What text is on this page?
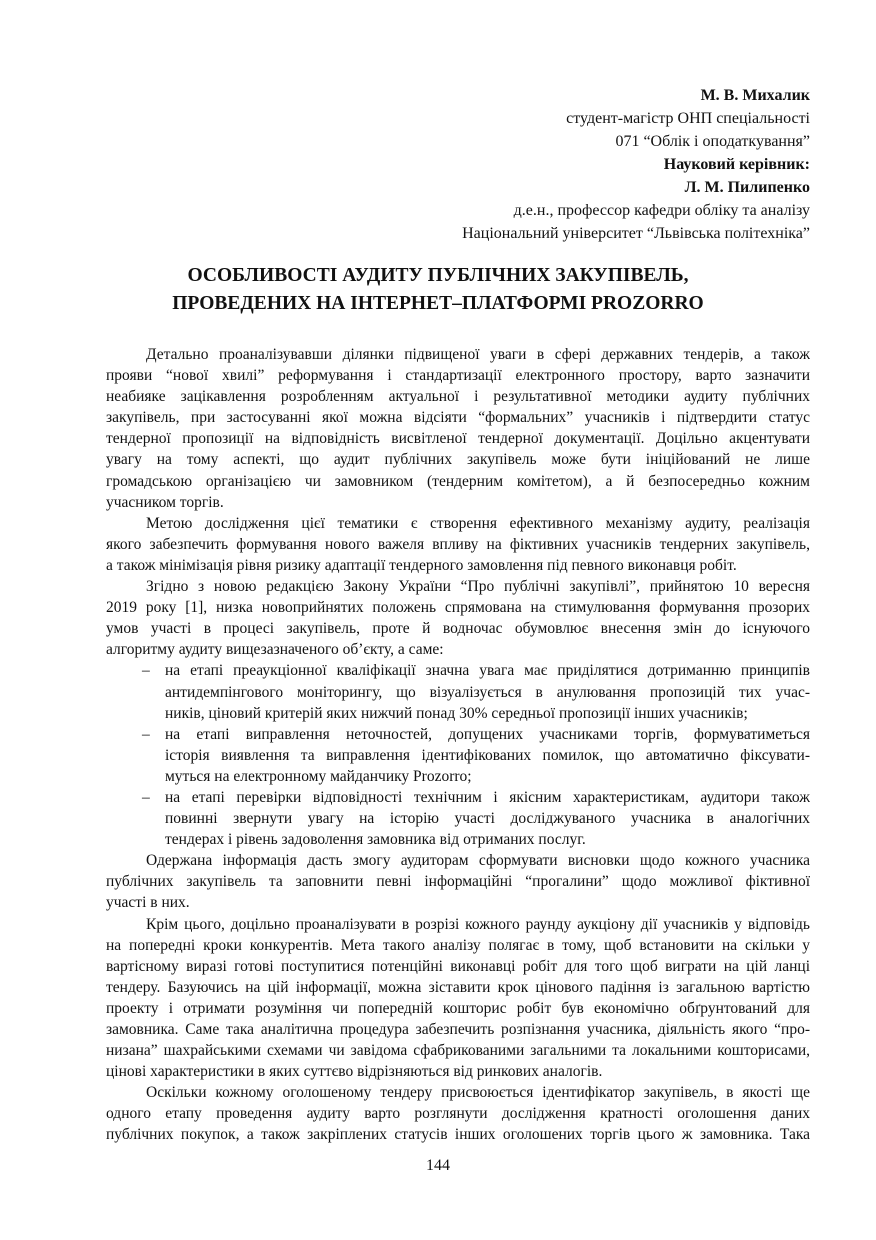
М. В. Михалик
студент-магістр ОНП спеціальності
071 “Облік і оподаткування”
Науковий керівник:
Л. М. Пилипенко
д.е.н., профессор кафедри обліку та аналізу
Національний університет “Львівська політехніка”
ОСОБЛИВОСТІ АУДИТУ ПУБЛІЧНИХ ЗАКУПІВЕЛЬ,
ПРОВЕДЕНИХ НА ІНТЕРНЕТ–ПЛАТФОРМІ PROZORRO
Детально проаналізувавши ділянки підвищеної уваги в сфері державних тендерів, а також
прояви “нової хвилі” реформування і стандартизації електронного простору, варто зазначити
неабияке зацікавлення розробленням актуальної і результативної методики аудиту публічних
закупівель, при застосуванні якої можна відсіяти “формальних” учасників і підтвердити статус
тендерної пропозиції на відповідність висвітленої тендерної документації. Доцільно акцентувати
увагу на тому аспекті, що аудит публічних закупівель може бути ініційований не лише
громадською організацією чи замовником (тендерним комітетом), а й безпосередньо кожним
учасником торгів.
Метою дослідження цієї тематики є створення ефективного механізму аудиту, реалізація
якого забезпечить формування нового важеля впливу на фіктивних учасників тендерних закупівель,
а також мінімізація рівня ризику адаптації тендерного замовлення під певного виконавця робіт.
Згідно з новою редакцією Закону України “Про публічні закупівлі”, прийнятою 10 вересня
2019 року [1], низка новоприйнятих положень спрямована на стимулювання формування прозорих
умов участі в процесі закупівель, проте й водночас обумовлює внесення змін до існуючого
алгоритму аудиту вищезазначеного об’єкту, а саме:
– на етапі преаукціонної кваліфікації значна увага має приділятися дотриманню принципів
антидемпінгового моніторингу, що візуалізується в анулювання пропозицій тих учас-
ників, ціновий критерій яких нижчий понад 30% середньої пропозиції інших учасників;
– на етапі виправлення неточностей, допущених учасниками торгів, формуватиметься
історія виявлення та виправлення ідентифікованих помилок, що автоматично фіксувати-
муться на електронному майданчику Prozorro;
– на етапі перевірки відповідності технічним і якісним характеристикам, аудитори також
повинні звернути увагу на історію участі досліджуваного учасника в аналогічних
тендерах і рівень задоволення замовника від отриманих послуг.
Одержана інформація дасть змогу аудиторам сформувати висновки щодо кожного учасника
публічних закупівель та заповнити певні інформаційні “прогалини” щодо можливої фіктивної
участі в них.
Крім цього, доцільно проаналізувати в розрізі кожного раунду аукціону дії учасників у відповідь
на попередні кроки конкурентів. Мета такого аналізу полягає в тому, щоб встановити на скільки у
вартісному виразі готові поступитися потенційні виконавці робіт для того щоб виграти на цій ланці
тендеру. Базуючись на цій інформації, можна зіставити крок цінового падіння із загальною вартістю
проекту і отримати розуміння чи попередній кошторис робіт був економічно обґрунтований для
замовника. Саме така аналітична процедура забезпечить розпізнання учасника, діяльність якого “про-
низана” шахрайськими схемами чи завідома сфабрикованими загальними та локальними кошторисами,
цінові характеристики в яких суттєво відрізняються від ринкових аналогів.
Оскільки кожному оголошеному тендеру присвоюється ідентифікатор закупівель, в якості ще
одного етапу проведення аудиту варто розглянути дослідження кратності оголошення даних
публічних покупок, а також закріплених статусів інших оголошених торгів цього ж замовника. Така
144
